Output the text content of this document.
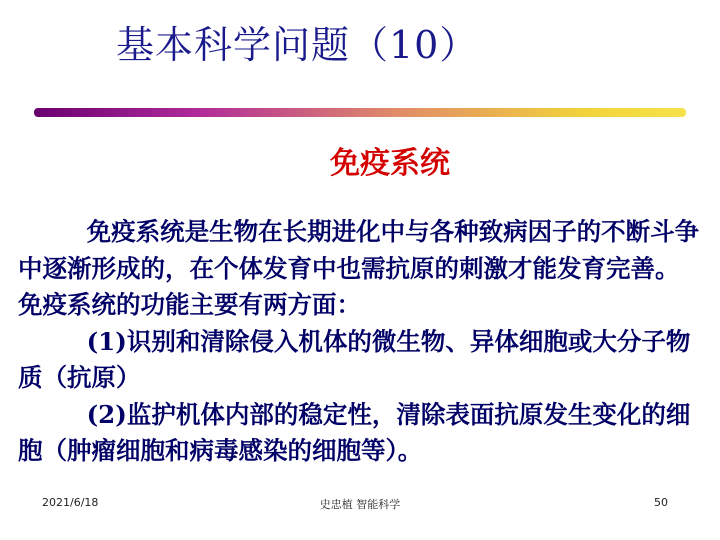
基本科学问题（10）
免疫系统

免疫系统是生物在长期进化中与各种致病因子的不断斗争中逐渐形成的，在个体发育中也需抗原的刺激才能发育完善。免疫系统的功能主要有两方面：

(1)识别和清除侵入机体的微生物、异体细胞或大分子物质（抗原）

(2)监护机体内部的稳定性，清除表面抗原发生变化的细胞（肿瘤细胞和病毒感染的细胞等）。

2021/6/18	史忠植 智能科学	50
